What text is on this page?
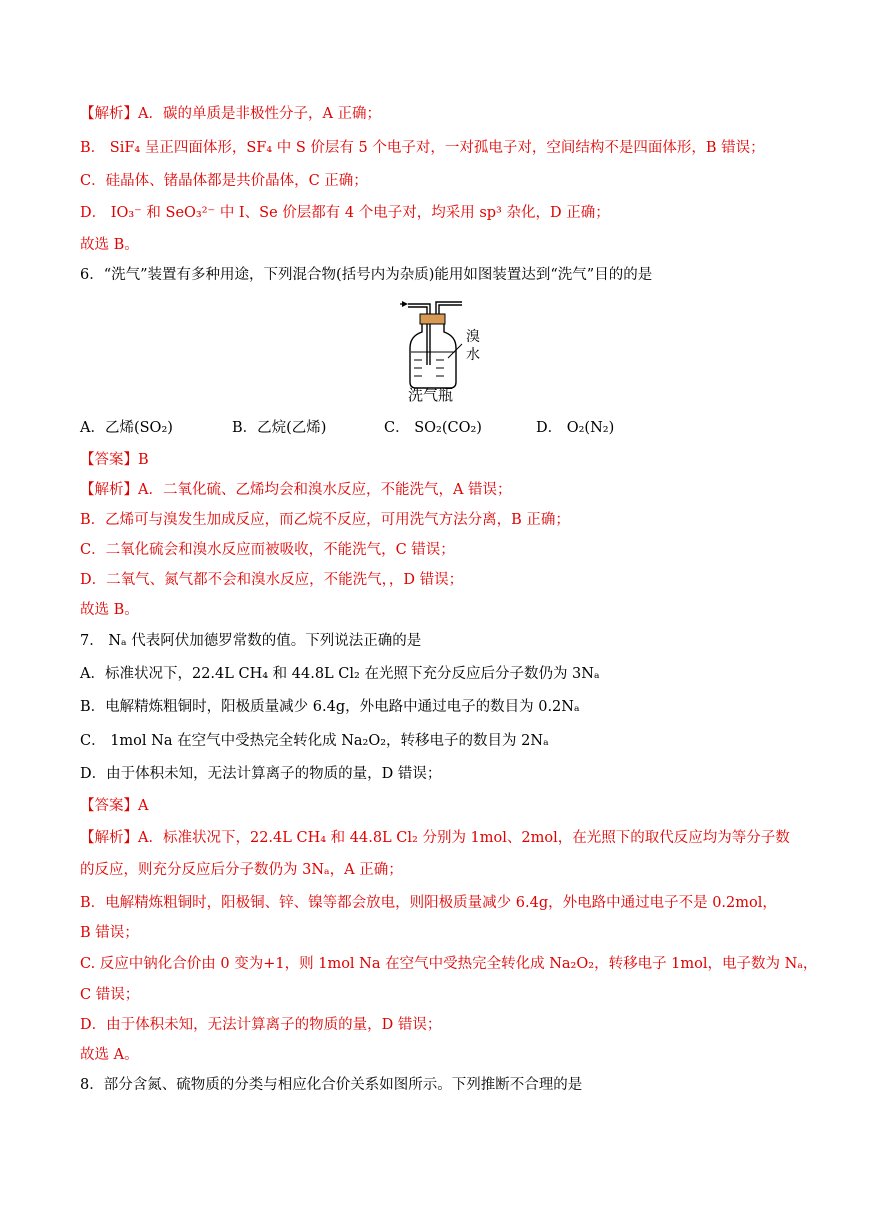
【解析】A．碳的单质是非极性分子，A 正确；
B． SiF₄ 呈正四面体形，SF₄ 中 S 价层有 5 个电子对，一对孤电子对，空间结构不是四面体形，B 错误；
C．硅晶体、锗晶体都是共价晶体，C 正确；
D． IO₃⁻ 和 SeO₃²⁻ 中 I、Se 价层都有 4 个电子对，均采用 sp³ 杂化，D 正确；
故选 B。
6．“洗气”装置有多种用途，下列混合物(括号内为杂质)能用如图装置达到“洗气”目的的是
溴
水
洗气瓶
A．乙烯(SO₂)	B．乙烷(乙烯)	C． SO₂(CO₂)	D． O₂(N₂)
【答案】B
【解析】A．二氧化硫、乙烯均会和溴水反应，不能洗气，A 错误；
B．乙烯可与溴发生加成反应，而乙烷不反应，可用洗气方法分离，B 正确；
C．二氧化硫会和溴水反应而被吸收，不能洗气，C 错误；
D．二氧气、氮气都不会和溴水反应，不能洗气，，D 错误；
故选 B。
7． Nₐ 代表阿伏加德罗常数的值。下列说法正确的是
A．标准状况下，22.4L CH₄ 和 44.8L Cl₂ 在光照下充分反应后分子数仍为 3Nₐ
B．电解精炼粗铜时，阳极质量减少 6.4g，外电路中通过电子的数目为 0.2Nₐ
C． 1mol Na 在空气中受热完全转化成 Na₂O₂，转移电子的数目为 2Nₐ
D．由于体积未知，无法计算离子的物质的量，D 错误；
【答案】A
【解析】A．标准状况下，22.4L CH₄ 和 44.8L Cl₂ 分别为 1mol、2mol，在光照下的取代反应均为等分子数
的反应，则充分反应后分子数仍为 3Nₐ，A 正确；
B．电解精炼粗铜时，阳极铜、锌、镍等都会放电，则阳极质量减少 6.4g，外电路中通过电子不是 0.2mol，
B 错误；
C. 反应中钠化合价由 0 变为+1，则 1mol Na 在空气中受热完全转化成 Na₂O₂，转移电子 1mol，电子数为 Nₐ，
C 错误；
D．由于体积未知，无法计算离子的物质的量，D 错误；
故选 A。
8．部分含氮、硫物质的分类与相应化合价关系如图所示。下列推断不合理的是
